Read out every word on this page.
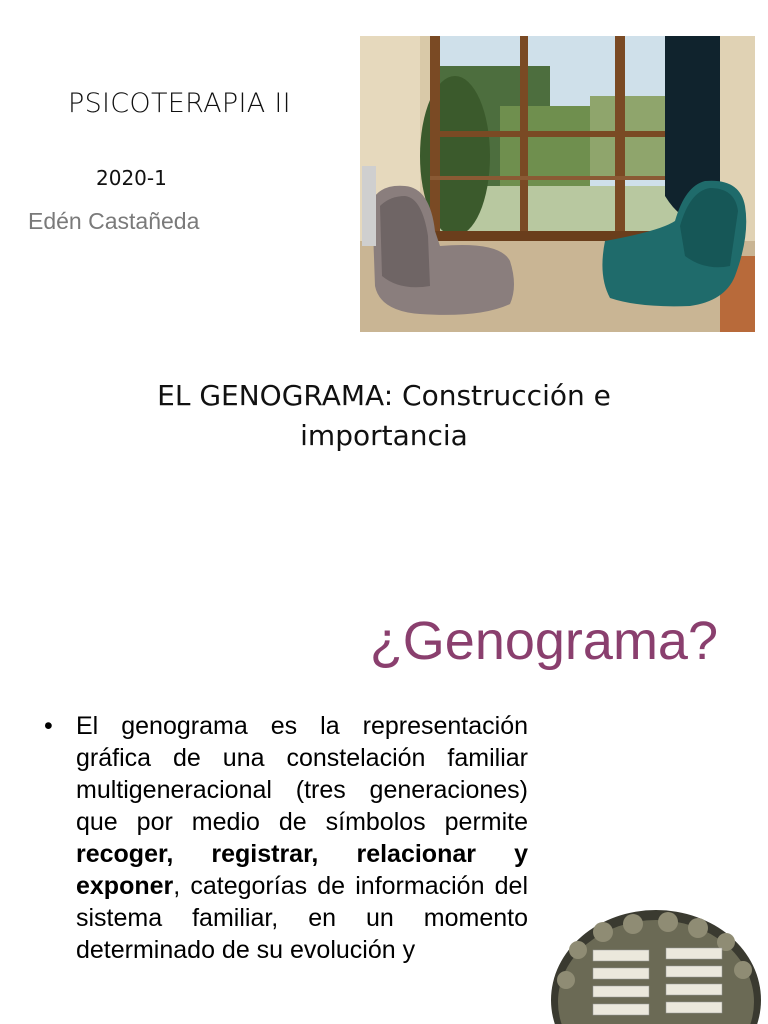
PSICOTERAPIA II
2020-1
Edén Castañeda
EL GENOGRAMA: Construcción e
importancia
¿Genograma?
• El genograma es la representación gráfica de una constelación familiar multigeneracional (tres generaciones) que por medio de símbolos permite recoger, registrar, relacionar y exponer, categorías de información del sistema familiar, en un momento determinado de su evolución y
